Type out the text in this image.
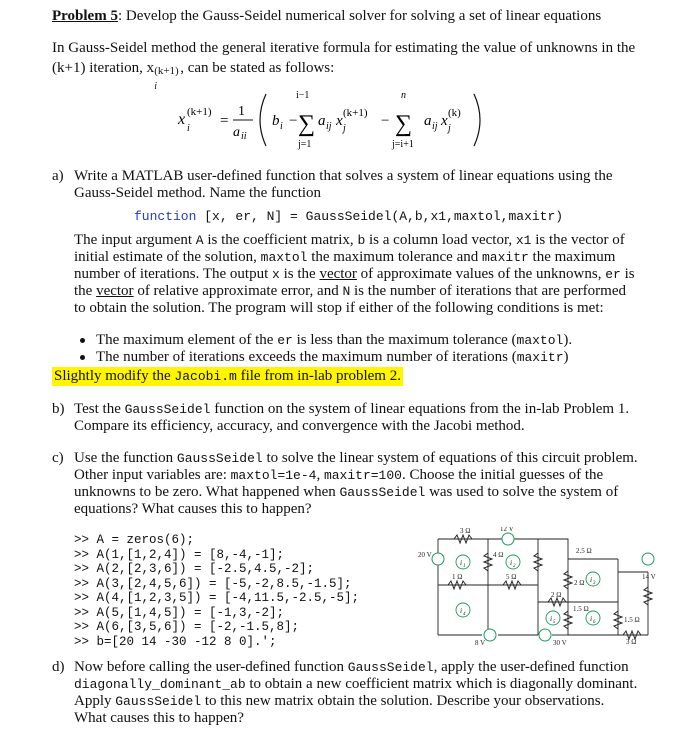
Problem 5: Develop the Gauss-Seidel numerical solver for solving a set of linear equations
In Gauss-Seidel method the general iterative formula for estimating the value of unknowns in the
(k+1) iteration, x (k+1)
i
, can be stated as follows:
x (k+1)
i =
1
a ii
b i −
i−1
∑
j=1
a ij x (k+1)
j −
n
∑
j=i+1
a ij x (k)
j
a) Write a MATLAB user-defined function that solves a system of linear equations using the
Gauss-Seidel method. Name the function
function [x, er, N] = GaussSeidel(A,b,x1,maxtol,maxitr)
The input argument A is the coefficient matrix, b is a column load vector, x1 is the vector of
initial estimate of the solution, maxtol the maximum tolerance and maxitr the maximum
number of iterations. The output x is the vector of approximate values of the unknowns, er is
the vector of relative approximate error, and N is the number of iterations that are performed
to obtain the solution. The program will stop if either of the following conditions is met:
The maximum element of the er is less than the maximum tolerance (maxtol).
The number of iterations exceeds the maximum number of iterations (maxitr)
Slightly modify the Jacobi.m file from in-lab problem 2.
b) Test the GaussSeidel function on the system of linear equations from the in-lab Problem 1.
Compare its efficiency, accuracy, and convergence with the Jacobi method.
c) Use the function GaussSeidel to solve the linear system of equations of this circuit problem.
Other input variables are: maxtol=1e-4, maxitr=100. Choose the initial guesses of the
unknowns to be zero. What happened when GaussSeidel was used to solve the system of
equations? What causes this to happen?
>> A = zeros(6);
>> A(1,[1,2,4]) = [8,-4,-1];
>> A(2,[2,3,6]) = [-2.5,4.5,-2];
>> A(3,[2,4,5,6]) = [-5,-2,8.5,-1.5];
>> A(4,[1,2,3,5]) = [-4,11.5,-2.5,-5];
>> A(5,[1,4,5]) = [-1,3,-2];
>> A(6,[3,5,6]) = [-2,-1.5,8];
>> b=[20 14 -30 -12 8 0].';
3 Ω	12 V
20 V	4 Ω	2.5 Ω
14 V
1 Ω	5 Ω
2 Ω
2 Ω
1.5 Ω
1.5 Ω
8 V	30 V	3 Ω
i 1	i 2
i 3
i 4	i 5	i 6
d) Now before calling the user-defined function GaussSeidel, apply the user-defined function
diagonally_dominant_ab to obtain a new coefficient matrix which is diagonally dominant.
Apply GaussSeidel to this new matrix obtain the solution. Describe your observations.
What causes this to happen?
